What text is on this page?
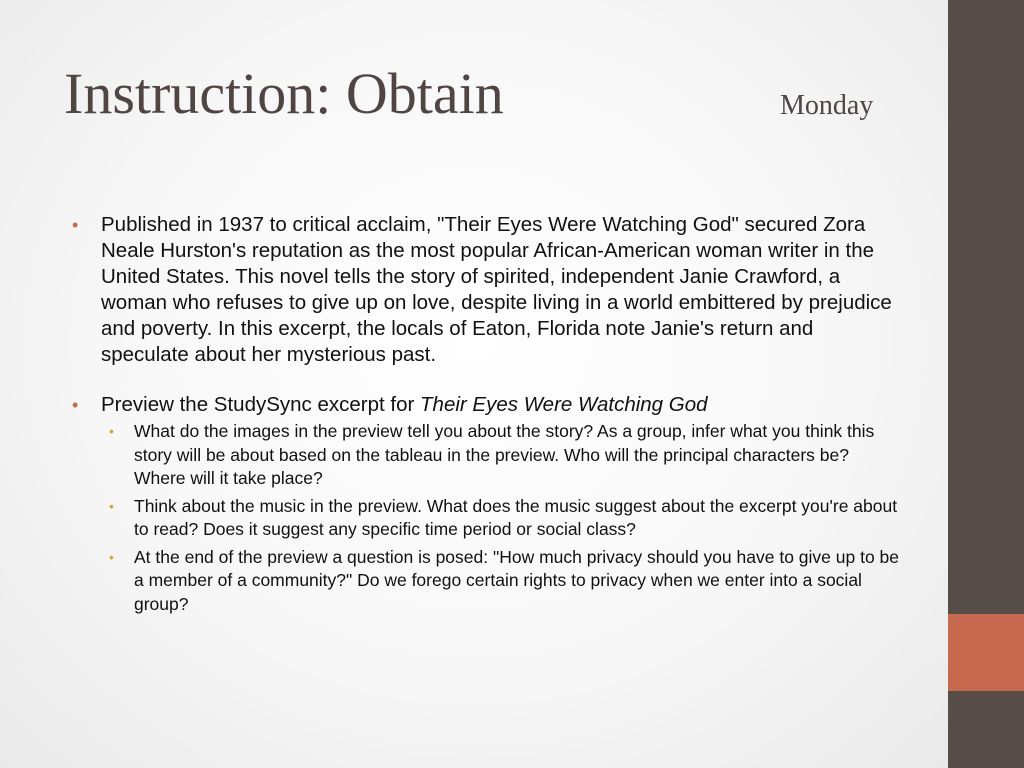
Instruction: Obtain	Monday
• Published in 1937 to critical acclaim, "Their Eyes Were Watching God" secured Zora Neale Hurston's reputation as the most popular African-American woman writer in the United States. This novel tells the story of spirited, independent Janie Crawford, a woman who refuses to give up on love, despite living in a world embittered by prejudice and poverty. In this excerpt, the locals of Eaton, Florida note Janie's return and speculate about her mysterious past.
• Preview the StudySync excerpt for Their Eyes Were Watching God
• What do the images in the preview tell you about the story? As a group, infer what you think this story will be about based on the tableau in the preview. Who will the principal characters be? Where will it take place?
• Think about the music in the preview. What does the music suggest about the excerpt you're about to read? Does it suggest any specific time period or social class?
• At the end of the preview a question is posed: "How much privacy should you have to give up to be a member of a community?" Do we forego certain rights to privacy when we enter into a social group?
